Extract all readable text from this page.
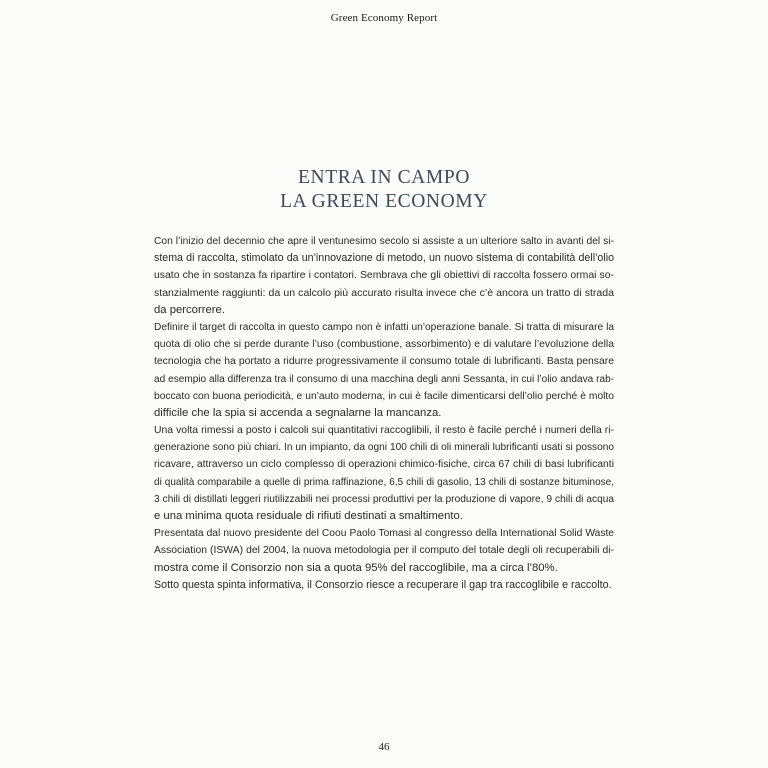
Green Economy Report
ENTRA IN CAMPO
LA GREEN ECONOMY
Con l’inizio del decennio che apre il ventunesimo secolo si assiste a un ulteriore salto in avanti del si-
stema di raccolta, stimolato da un’innovazione di metodo, un nuovo sistema di contabilità dell’olio
usato che in sostanza fa ripartire i contatori. Sembrava che gli obiettivi di raccolta fossero ormai so-
stanzialmente raggiunti: da un calcolo più accurato risulta invece che c’è ancora un tratto di strada
da percorrere.
Definire il target di raccolta in questo campo non è infatti un’operazione banale. Si tratta di misurare la
quota di olio che si perde durante l’uso (combustione, assorbimento) e di valutare l’evoluzione della
tecnologia che ha portato a ridurre progressivamente il consumo totale di lubrificanti. Basta pensare
ad esempio alla differenza tra il consumo di una macchina degli anni Sessanta, in cui l’olio andava rab-
boccato con buona periodicità, e un’auto moderna, in cui è facile dimenticarsi dell’olio perché è molto
difficile che la spia si accenda a segnalarne la mancanza.
Una volta rimessi a posto i calcoli sui quantitativi raccoglibili, il resto è facile perché i numeri della ri-
generazione sono più chiari. In un impianto, da ogni 100 chili di oli minerali lubrificanti usati si possono
ricavare, attraverso un ciclo complesso di operazioni chimico-fisiche, circa 67 chili di basi lubrificanti
di qualità comparabile a quelle di prima raffinazione, 6,5 chili di gasolio, 13 chili di sostanze bituminose,
3 chili di distillati leggeri riutilizzabili nei processi produttivi per la produzione di vapore, 9 chili di acqua
e una minima quota residuale di rifiuti destinati a smaltimento.
Presentata dal nuovo presidente del Coou Paolo Tomasi al congresso della International Solid Waste
Association (ISWA) del 2004, la nuova metodologia per il computo del totale degli oli recuperabili di-
mostra come il Consorzio non sia a quota 95% del raccoglibile, ma a circa l’80%.
Sotto questa spinta informativa, il Consorzio riesce a recuperare il gap tra raccoglibile e raccolto.
46
